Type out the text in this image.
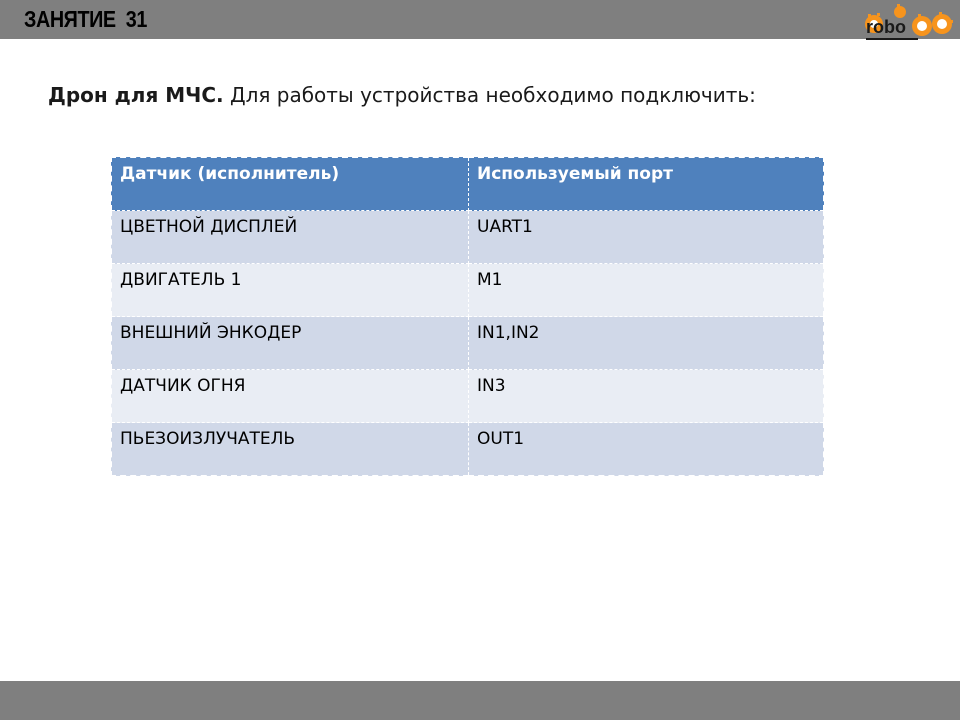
ЗАНЯТИЕ  31	robo
Дрон для МЧС. Для работы устройства необходимо подключить:
Датчик (исполнитель)	Используемый порт
ЦВЕТНОЙ ДИСПЛЕЙ	UART1
ДВИГАТЕЛЬ 1	M1
ВНЕШНИЙ ЭНКОДЕР	IN1,IN2
ДАТЧИК ОГНЯ	IN3
ПЬЕЗОИЗЛУЧАТЕЛЬ	OUT1
